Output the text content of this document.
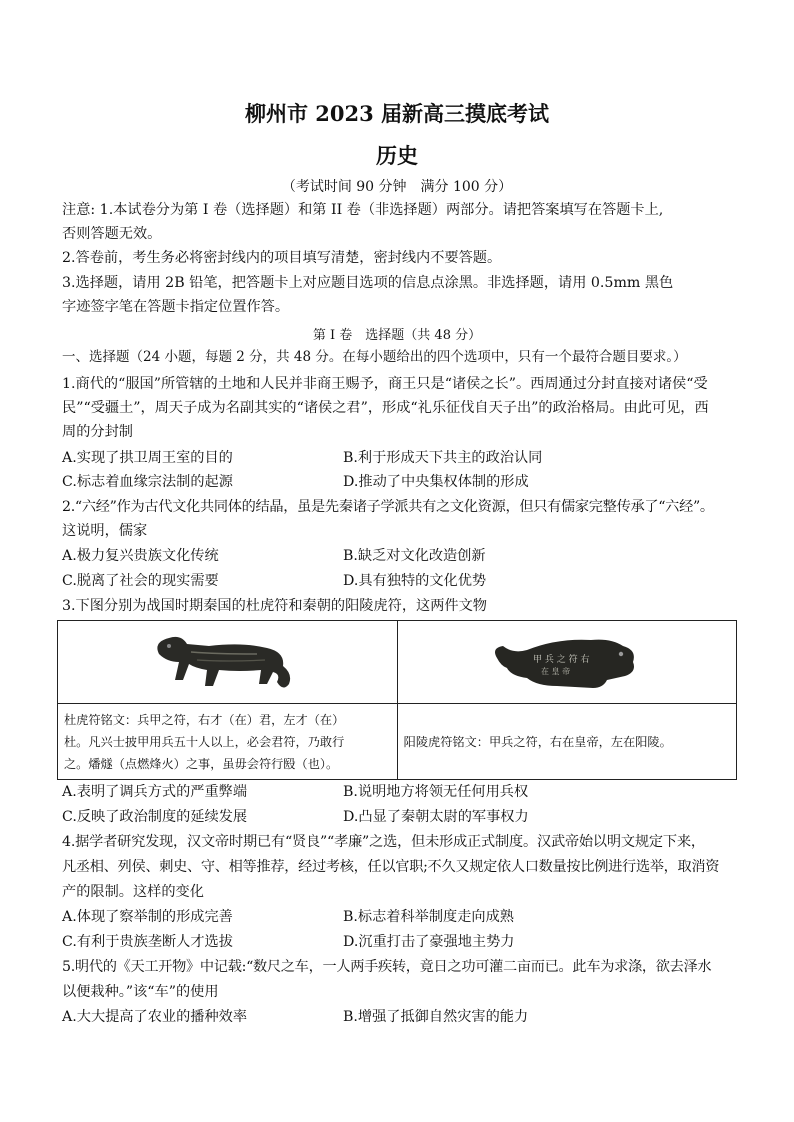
柳州市 2023 届新高三摸底考试
历史
（考试时间 90 分钟　满分 100 分）
注意: 1.本试卷分为第 I 卷（选择题）和第 II 卷（非选择题）两部分。请把答案填写在答题卡上,
否则答题无效。
2.答卷前，考生务必将密封线内的项目填写清楚，密封线内不要答题。
3.选择题，请用 2B 铅笔，把答题卡上对应题目选项的信息点涂黑。非选择题，请用 0.5mm 黑色
字迹签字笔在答题卡指定位置作答。
第 I 卷　选择题（共 48 分）
一、选择题（24 小题，每题 2 分，共 48 分。在每小题给出的四个选项中，只有一个最符合题目要求。）
1.商代的“服国”所管辖的土地和人民并非商王赐予，商王只是“诸侯之长”。西周通过分封直接对诸侯“受
民”“受疆土”，周天子成为名副其实的“诸侯之君”，形成“礼乐征伐自天子出”的政治格局。由此可见，西
周的分封制
A.实现了拱卫周王室的目的	B.利于形成天下共主的政治认同
C.标志着血缘宗法制的起源	D.推动了中央集权体制的形成
2.“六经”作为古代文化共同体的结晶，虽是先秦诸子学派共有之文化资源，但只有儒家完整传承了“六经”。
这说明，儒家
A.极力复兴贵族文化传统	B.缺乏对文化改造创新
C.脱离了社会的现实需要	D.具有独特的文化优势
3.下图分别为战国时期秦国的杜虎符和秦朝的阳陵虎符，这两件文物

甲 兵 之 符 右
在 皇 帝

杜虎符铭文：兵甲之符，右才（在）君，左才（在）
杜。凡兴士披甲用兵五十人以上，必会君符，乃敢行
之。燔燧（点燃烽火）之事，虽毋会符行殹（也）。	阳陵虎符铭文：甲兵之符，右在皇帝，左在阳陵。
A.表明了调兵方式的严重弊端	B.说明地方将领无任何用兵权
C.反映了政治制度的延续发展	D.凸显了秦朝太尉的军事权力
4.据学者研究发现，汉文帝时期已有“贤良”“孝廉”之选，但未形成正式制度。汉武帝始以明文规定下来，
凡丞相、列侯、刺史、守、相等推荐，经过考核，任以官职;不久又规定依人口数量按比例进行选举，取消资
产的限制。这样的变化
A.体现了察举制的形成完善	B.标志着科举制度走向成熟
C.有利于贵族垄断人才选拔	D.沉重打击了豪强地主势力
5.明代的《天工开物》中记载:“数尺之车，一人两手疾转，竟日之功可灌二亩而已。此车为求涤，欲去泽水
以便栽种。”该“车”的使用
A.大大提高了农业的播种效率	B.增强了抵御自然灾害的能力
